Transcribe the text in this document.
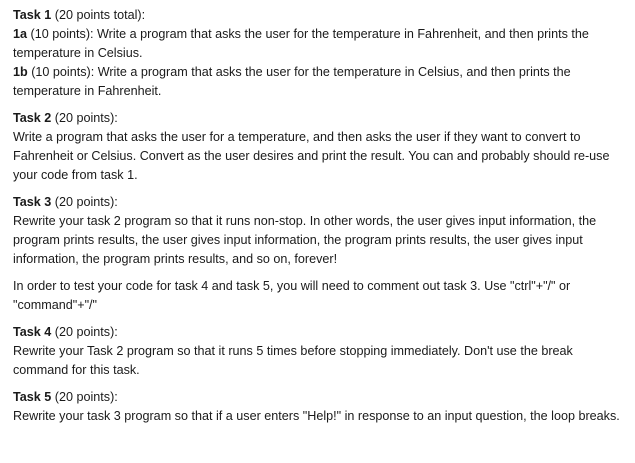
Task 1 (20 points total):

1a (10 points): Write a program that asks the user for the temperature in Fahrenheit, and then prints the temperature in Celsius.

1b (10 points): Write a program that asks the user for the temperature in Celsius, and then prints the temperature in Fahrenheit.

Task 2 (20 points):

Write a program that asks the user for a temperature, and then asks the user if they want to convert to Fahrenheit or Celsius. Convert as the user desires and print the result. You can and probably should re-use your code from task 1.

Task 3 (20 points):

Rewrite your task 2 program so that it runs non-stop. In other words, the user gives input information, the program prints results, the user gives input information, the program prints results, the user gives input information, the program prints results, and so on, forever!

In order to test your code for task 4 and task 5, you will need to comment out task 3. Use "ctrl"+"/" or "command"+"/"

Task 4 (20 points):

Rewrite your Task 2 program so that it runs 5 times before stopping immediately. Don't use the break command for this task.

Task 5 (20 points):

Rewrite your task 3 program so that if a user enters "Help!" in response to an input question, the loop breaks.
